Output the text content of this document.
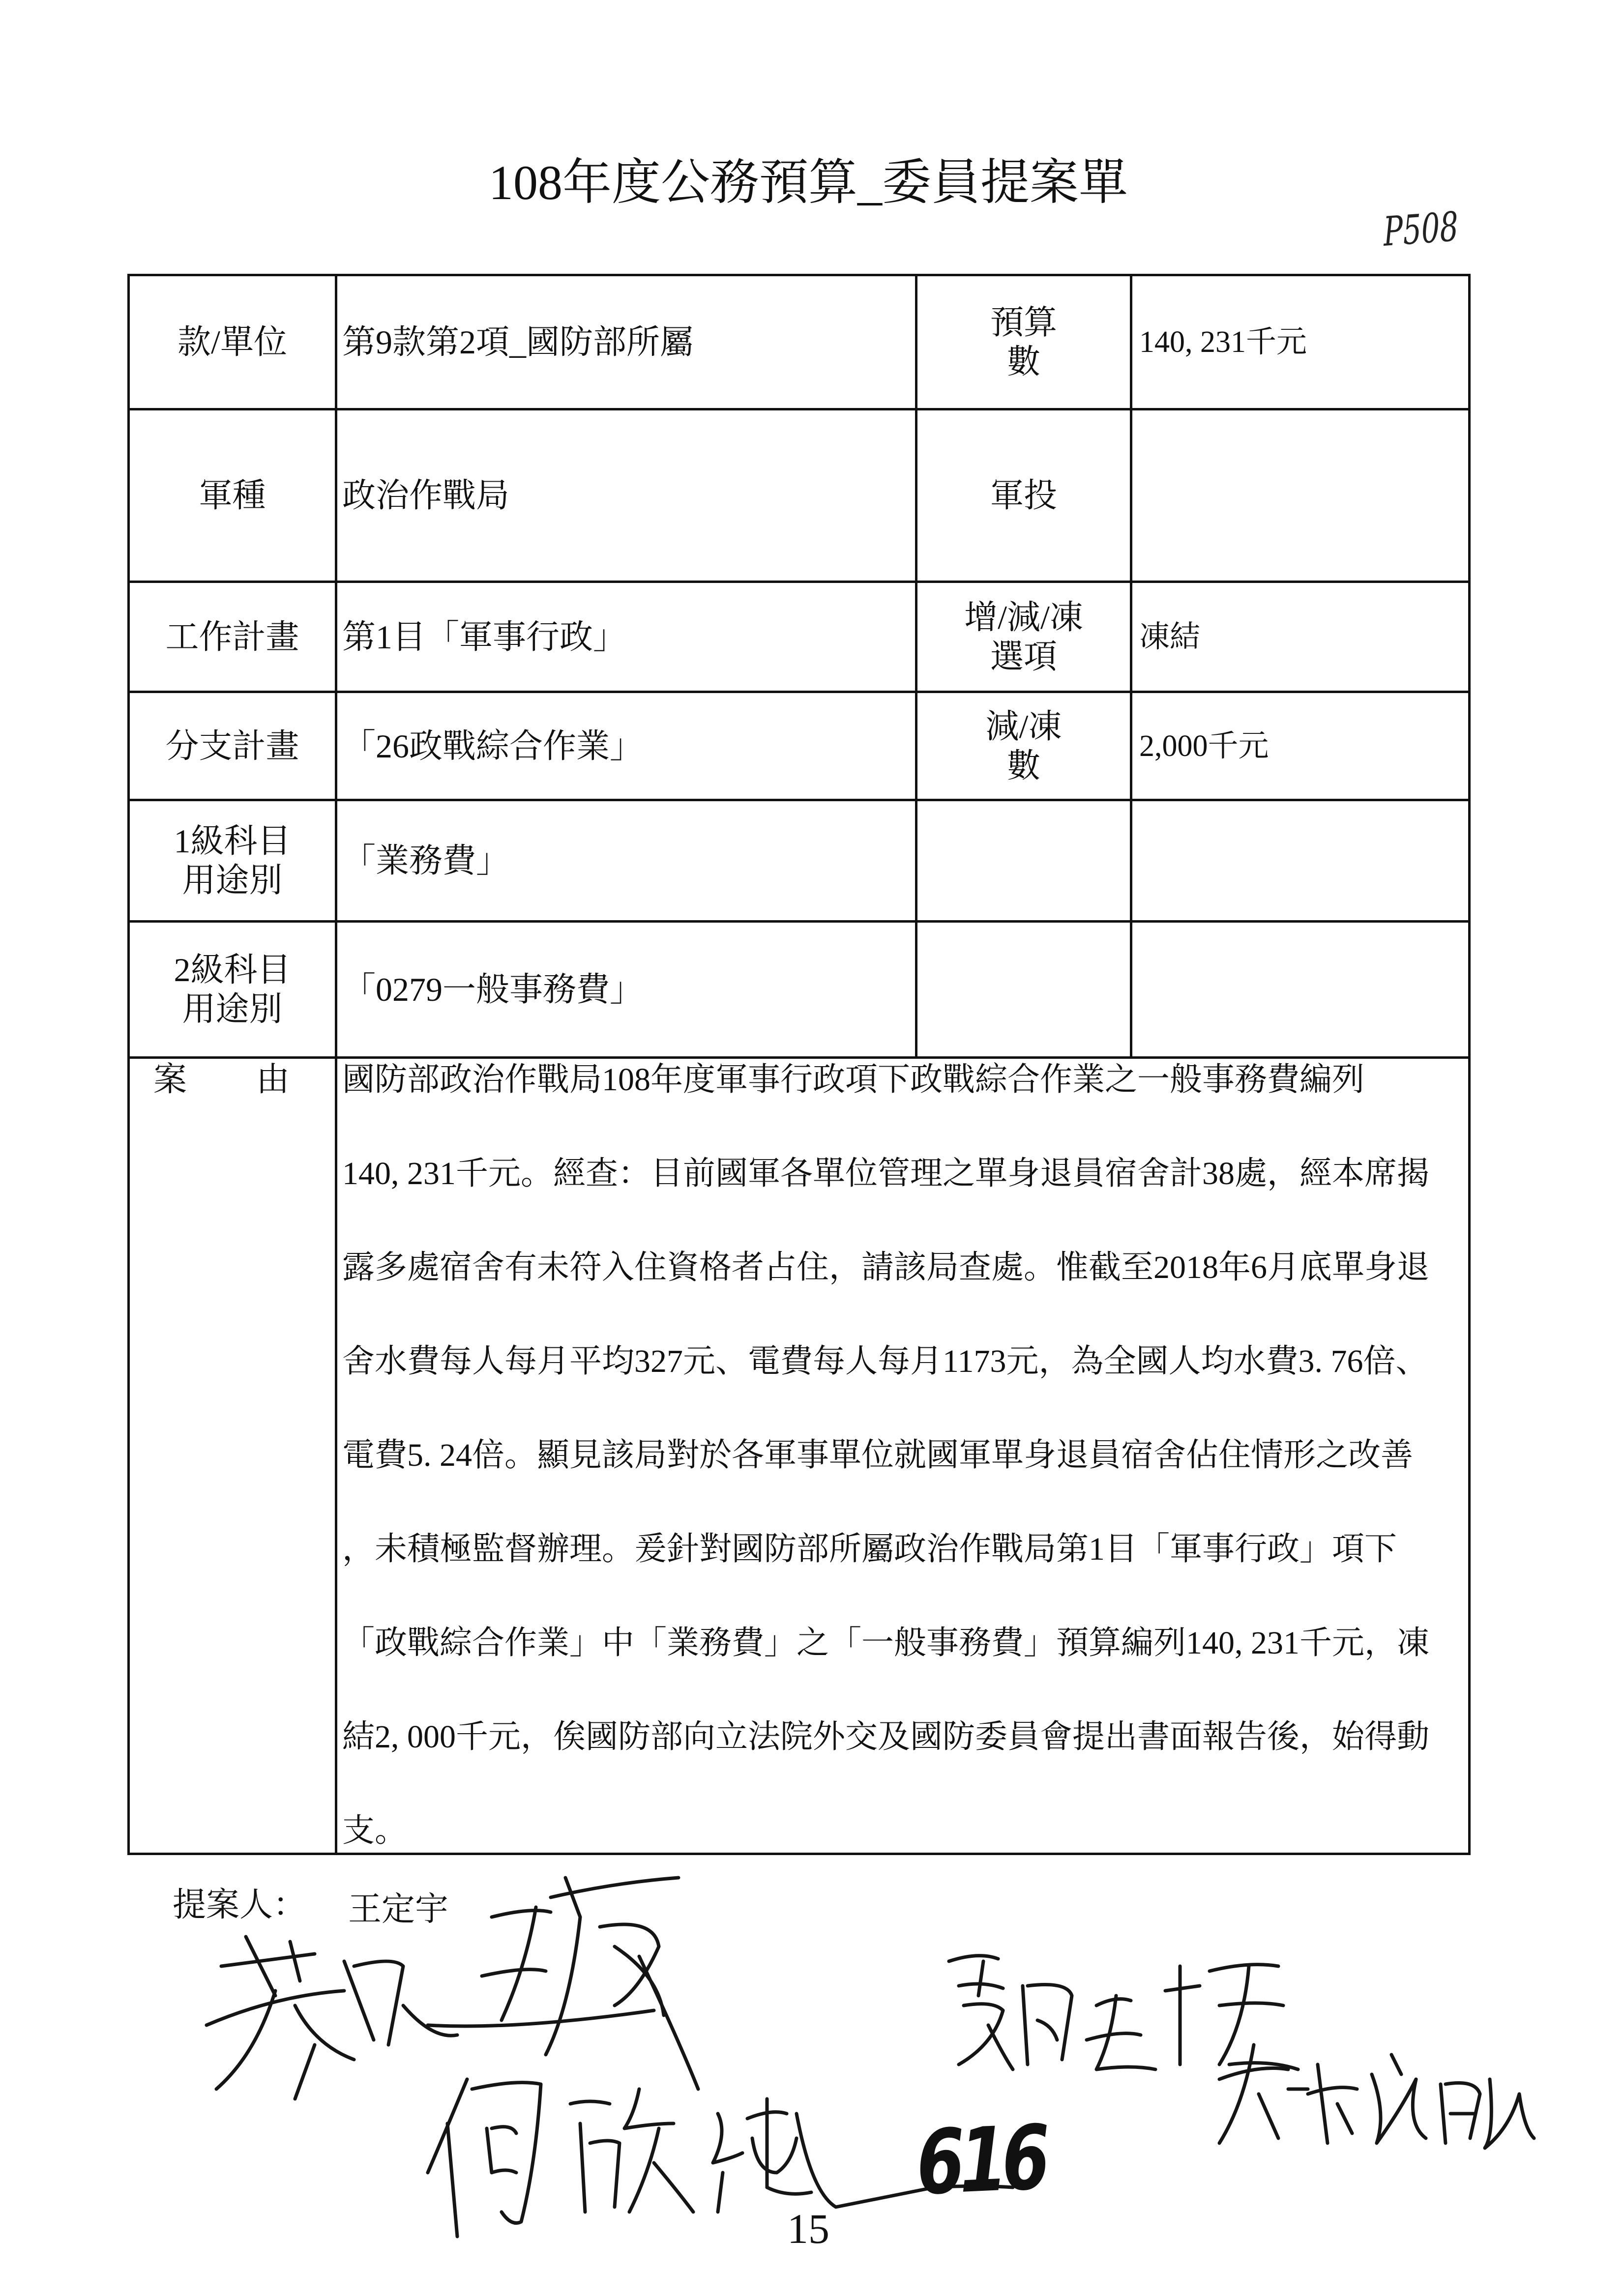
108年度公務預算_委員提案單
P508
款/單位 第9款第2項_國防部所屬
預算
數
140, 231千元
軍種 政治作戰局	軍投
工作計畫 第1目「軍事行政」
增/減/凍
選項
凍結
分支計畫 「26政戰綜合作業」
減/凍
數
2,000千元
1級科目
用途別
「業務費」
2級科目
用途別
「0279一般事務費」
案 由 國防部政治作戰局108年度軍事行政項下政戰綜合作業之一般事務費編列
140, 231千元。經查：目前國軍各單位管理之單身退員宿舍計38處，經本席揭
露多處宿舍有未符入住資格者占住，請該局查處。惟截至2018年6月底單身退
舍水費每人每月平均327元、電費每人每月1173元，為全國人均水費3. 76倍、
電費5. 24倍。顯見該局對於各軍事單位就國軍單身退員宿舍佔住情形之改善
，未積極監督辦理。爰針對國防部所屬政治作戰局第1目「軍事行政」項下
「政戰綜合作業」中「業務費」之「一般事務費」預算編列140, 231千元，凍
結2, 000千元，俟國防部向立法院外交及國防委員會提出書面報告後，始得動
支。
提案人： 王定宇
616
15
